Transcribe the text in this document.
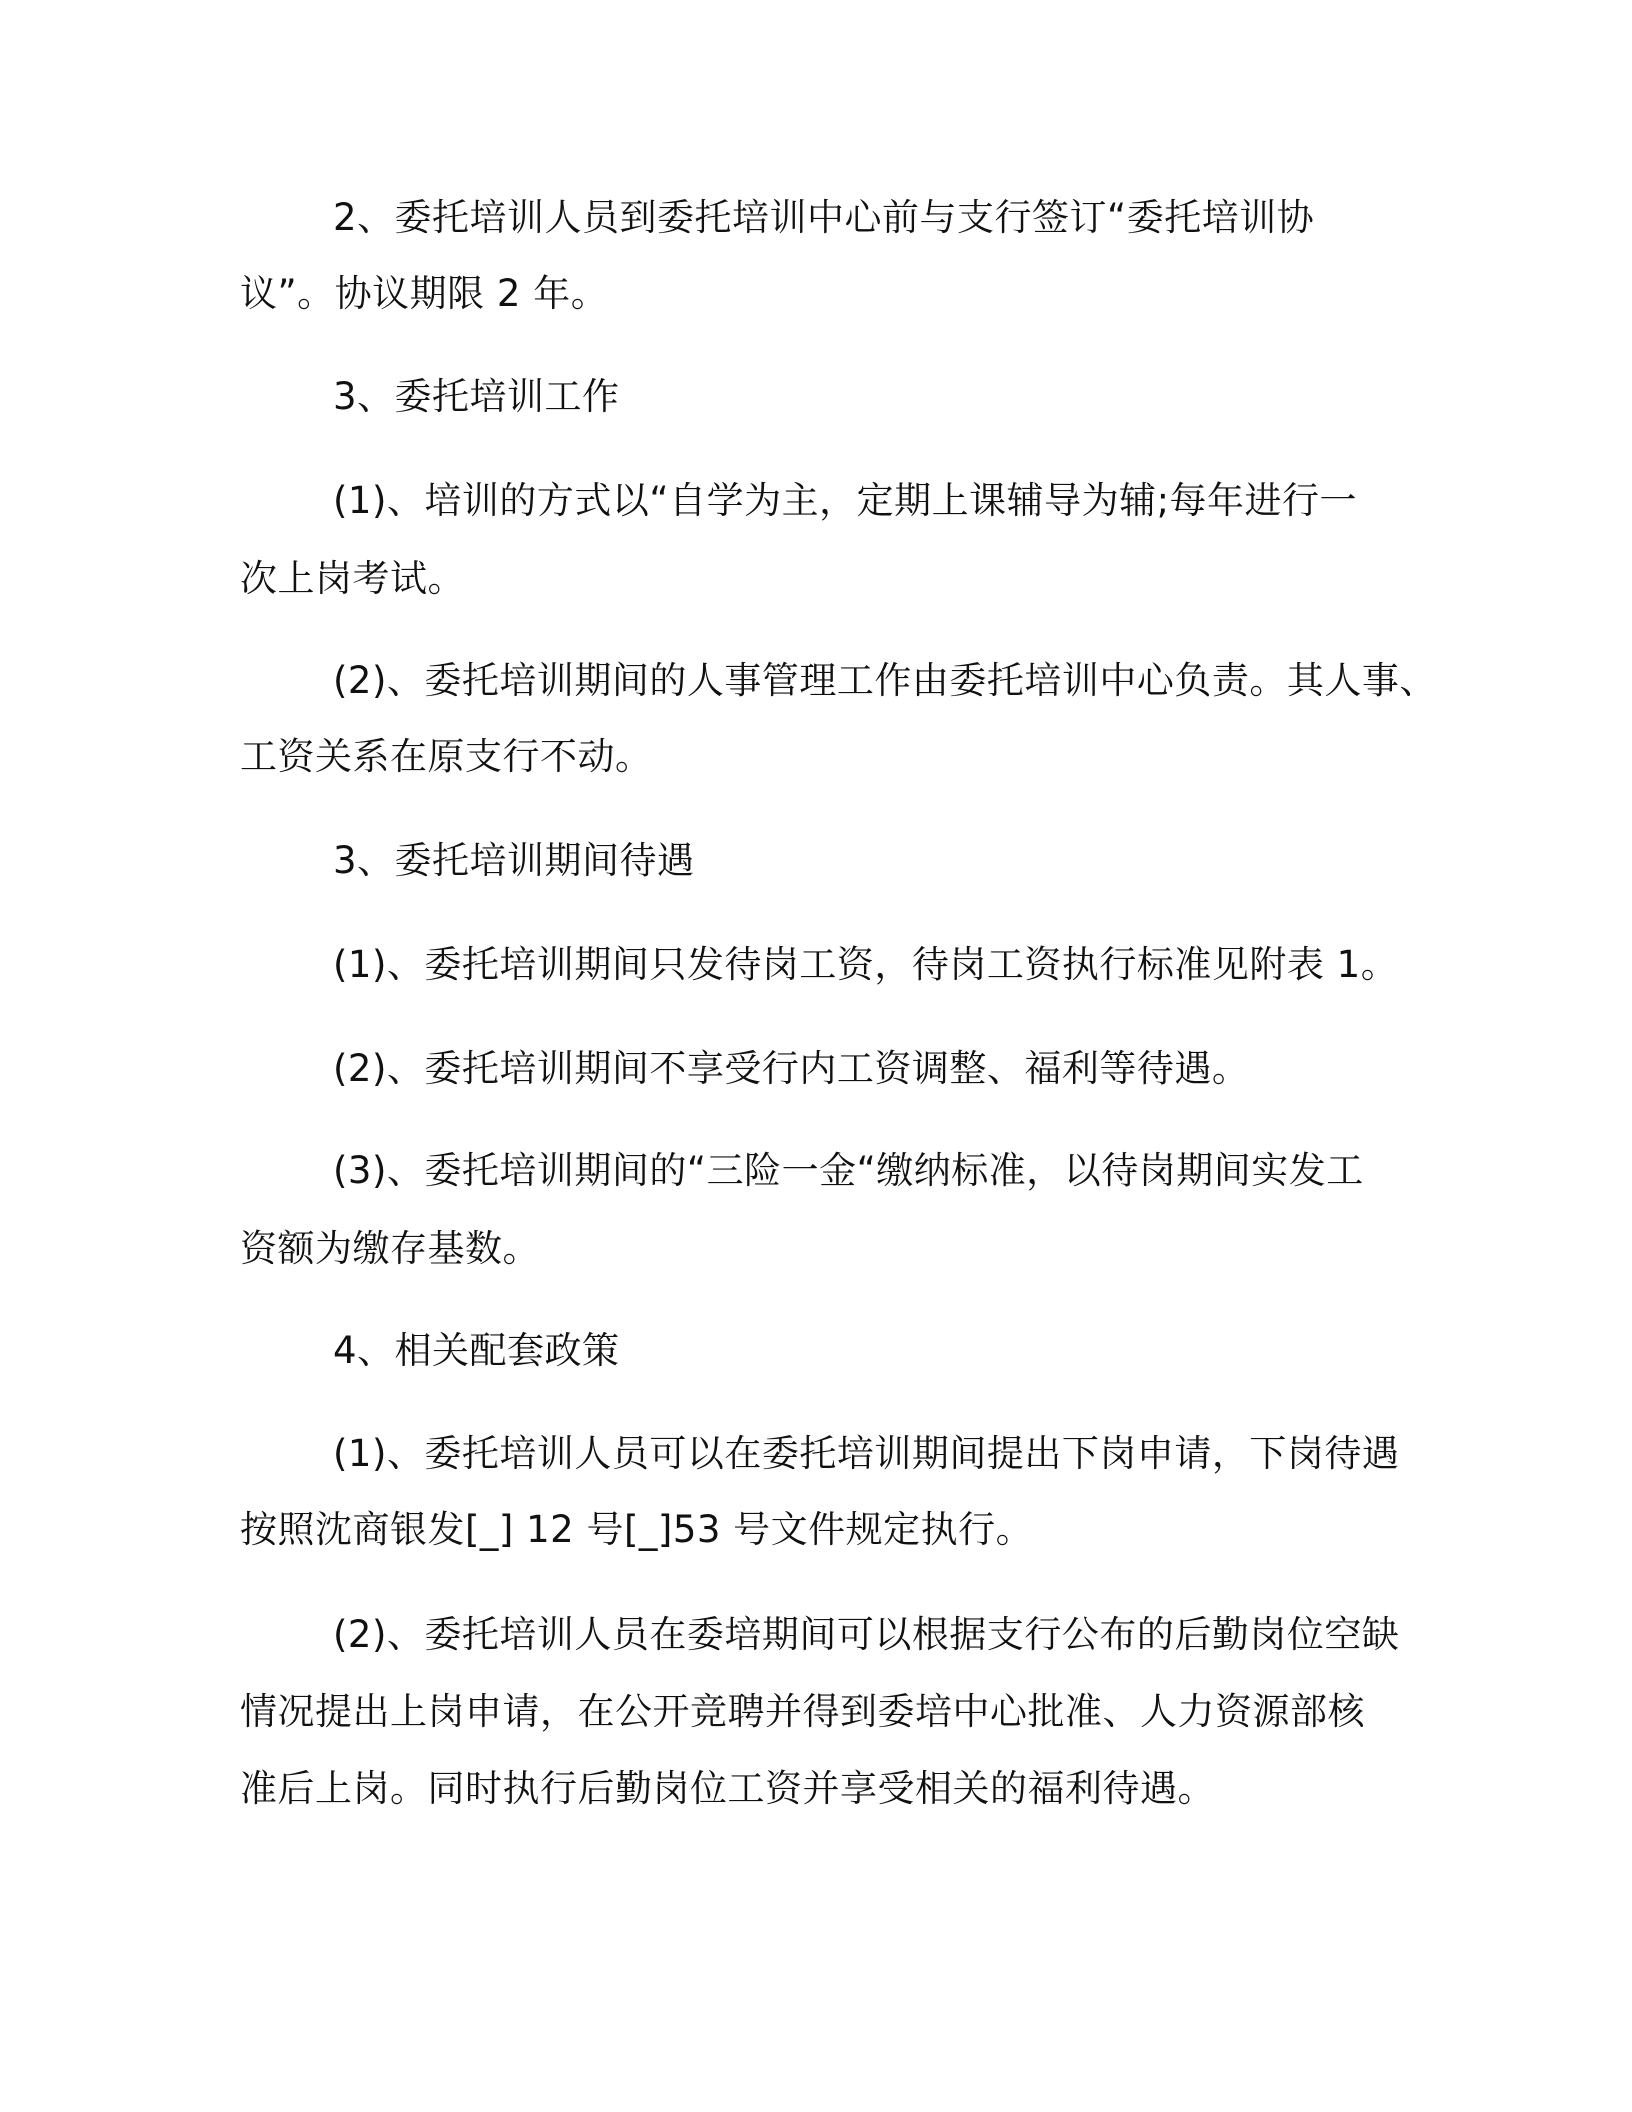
2、委托培训人员到委托培训中心前与支行签订“委托培训协
议”。协议期限 2 年。
3、委托培训工作
(1)、培训的方式以“自学为主，定期上课辅导为辅;每年进行一
次上岗考试。
(2)、委托培训期间的人事管理工作由委托培训中心负责。其人事、
工资关系在原支行不动。
3、委托培训期间待遇
(1)、委托培训期间只发待岗工资，待岗工资执行标准见附表 1。
(2)、委托培训期间不享受行内工资调整、福利等待遇。
(3)、委托培训期间的“三险一金“缴纳标准，以待岗期间实发工
资额为缴存基数。
4、相关配套政策
(1)、委托培训人员可以在委托培训期间提出下岗申请，下岗待遇
按照沈商银发[_] 12 号[_]53 号文件规定执行。
(2)、委托培训人员在委培期间可以根据支行公布的后勤岗位空缺
情况提出上岗申请，在公开竞聘并得到委培中心批准、人力资源部核
准后上岗。同时执行后勤岗位工资并享受相关的福利待遇。
